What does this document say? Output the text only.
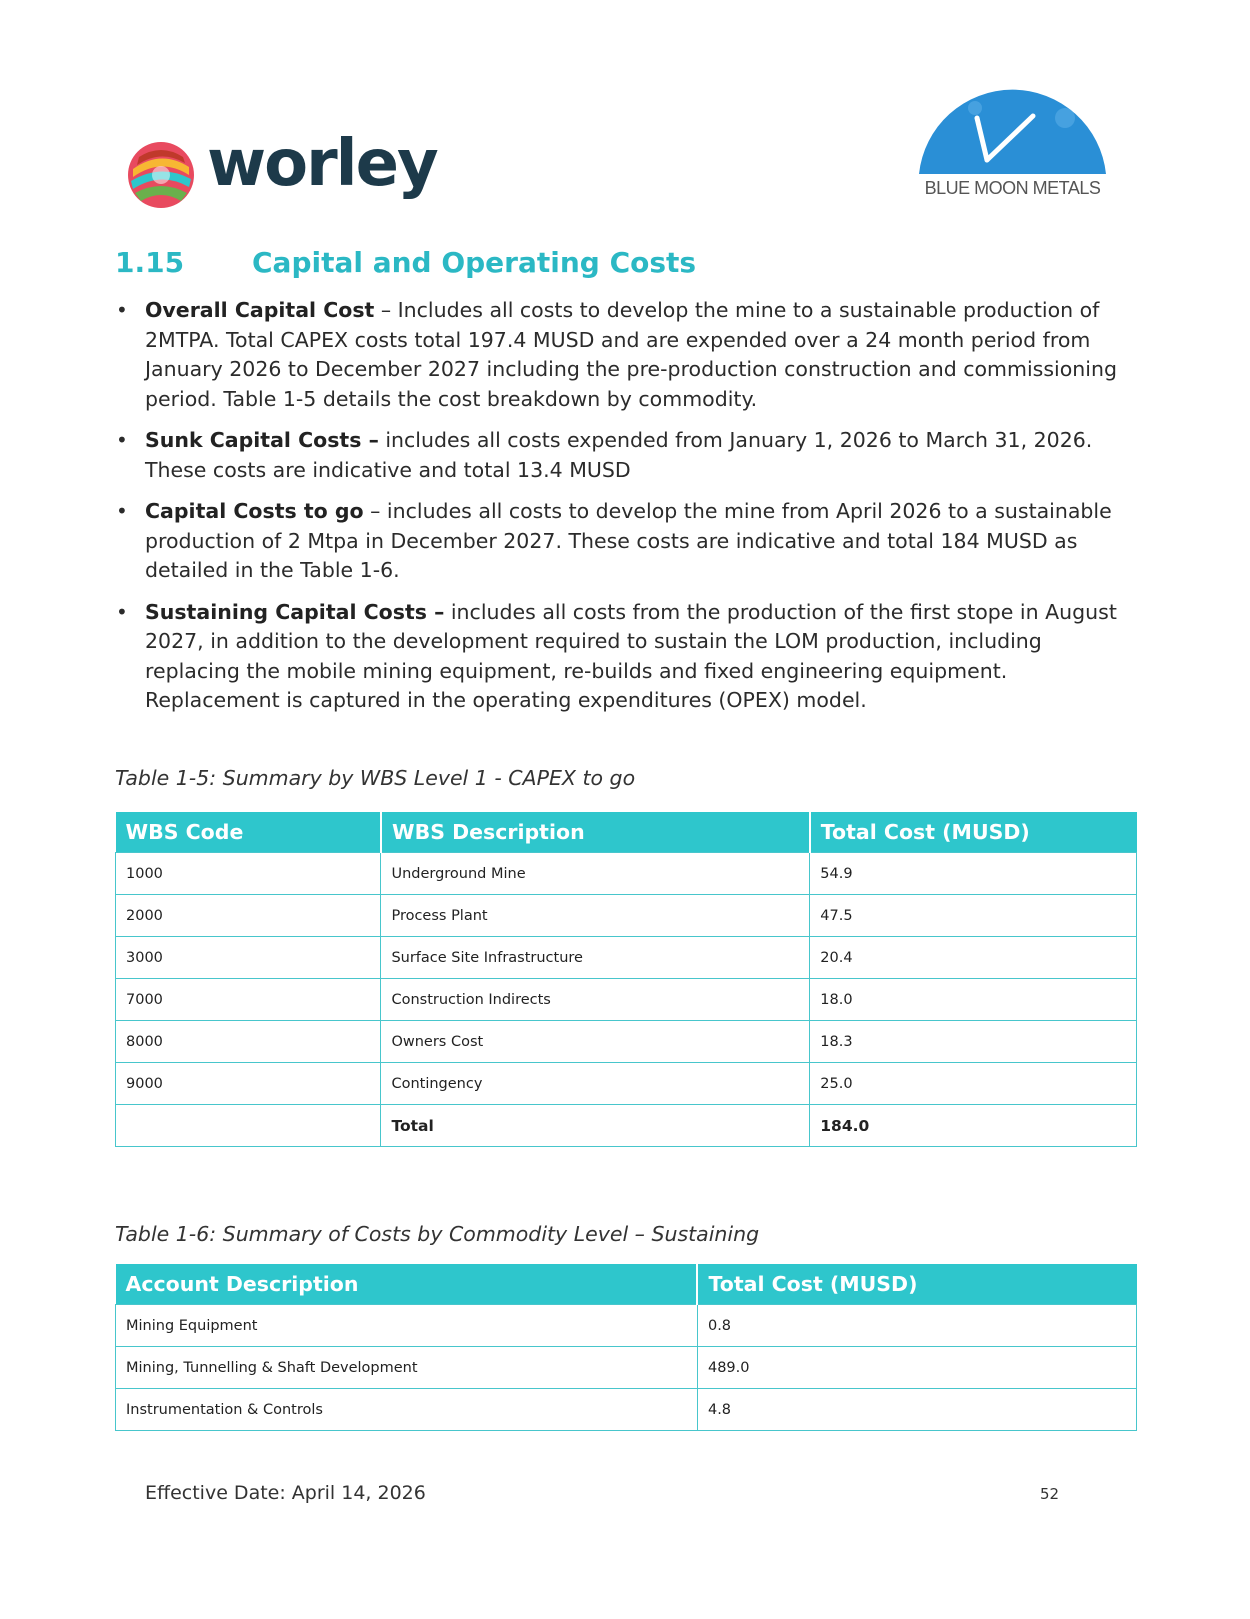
worley	BLUE MOON METALS
1.15 Capital and Operating Costs
• Overall Capital Cost – Includes all costs to develop the mine to a sustainable production of 2MTPA. Total CAPEX costs total 197.4 MUSD and are expended over a 24 month period from January 2026 to December 2027 including the pre-production construction and commissioning period. Table 1-5 details the cost breakdown by commodity.
• Sunk Capital Costs – includes all costs expended from January 1, 2026 to March 31, 2026. These costs are indicative and total 13.4 MUSD
• Capital Costs to go – includes all costs to develop the mine from April 2026 to a sustainable production of 2 Mtpa in December 2027. These costs are indicative and total 184 MUSD as detailed in the Table 1-6.
• Sustaining Capital Costs – includes all costs from the production of the first stope in August 2027, in addition to the development required to sustain the LOM production, including replacing the mobile mining equipment, re-builds and fixed engineering equipment. Replacement is captured in the operating expenditures (OPEX) model.
Table 1-5: Summary by WBS Level 1 - CAPEX to go
WBS Code	WBS Description	Total Cost (MUSD)
1000	Underground Mine	54.9
2000	Process Plant	47.5
3000	Surface Site Infrastructure	20.4
7000	Construction Indirects	18.0
8000	Owners Cost	18.3
9000	Contingency	25.0
	Total	184.0
Table 1-6: Summary of Costs by Commodity Level – Sustaining
Account Description	Total Cost (MUSD)
Mining Equipment	0.8
Mining, Tunnelling & Shaft Development	489.0
Instrumentation & Controls	4.8
Effective Date: April 14, 2026	52
